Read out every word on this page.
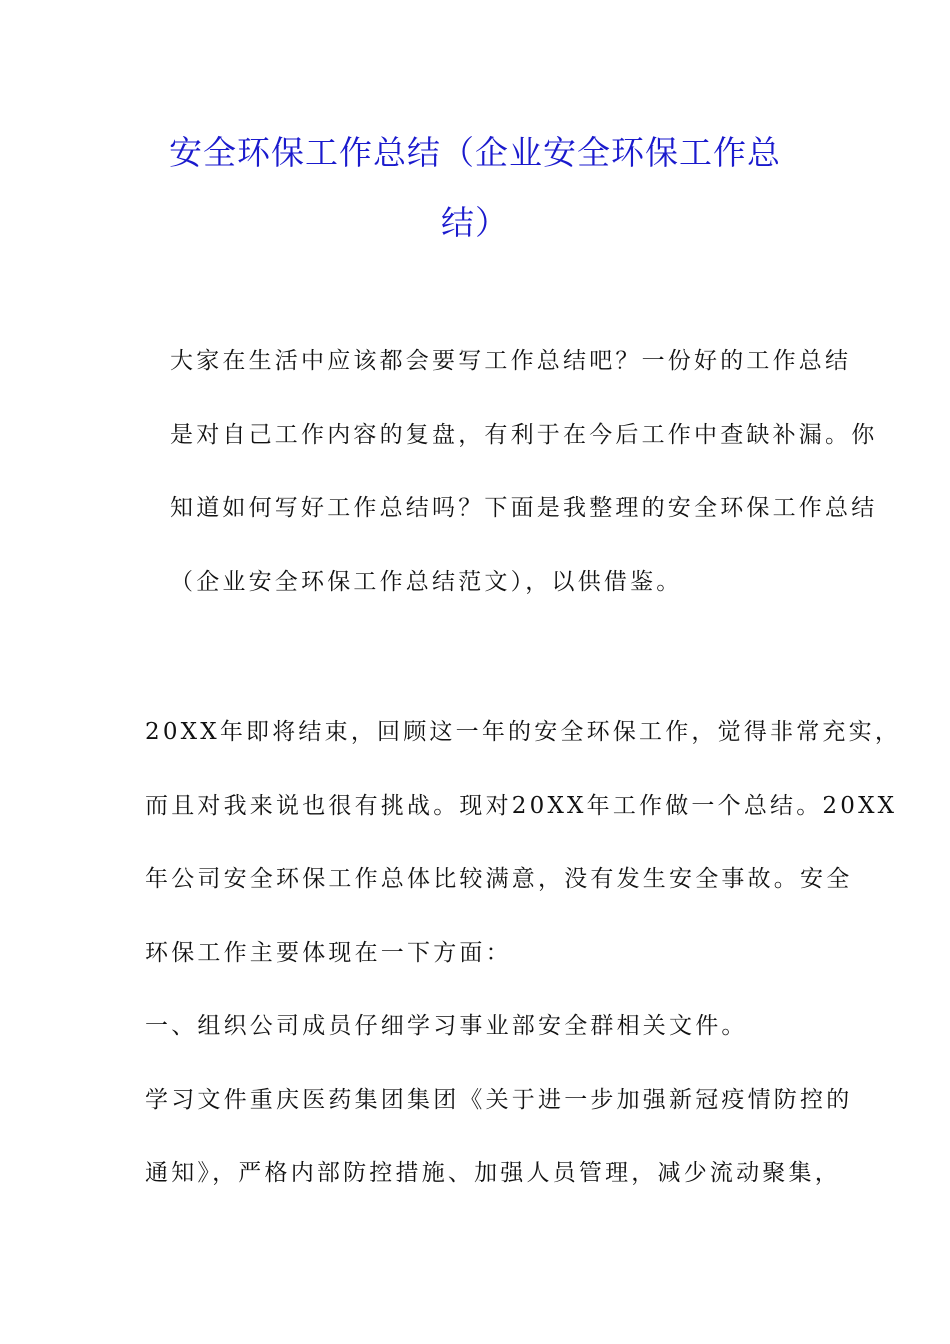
安全环保工作总结（企业安全环保工作总
结）
大家在生活中应该都会要写工作总结吧？一份好的工作总结
是对自己工作内容的复盘，有利于在今后工作中查缺补漏。你
知道如何写好工作总结吗？下面是我整理的安全环保工作总结
（企业安全环保工作总结范文），以供借鉴。
20XX年即将结束，回顾这一年的安全环保工作，觉得非常充实，
而且对我来说也很有挑战。现对20XX年工作做一个总结。20XX
年公司安全环保工作总体比较满意，没有发生安全事故。安全
环保工作主要体现在一下方面：
一、组织公司成员仔细学习事业部安全群相关文件。
学习文件重庆医药集团集团《关于进一步加强新冠疫情防控的
通知》，严格内部防控措施、加强人员管理，减少流动聚集，
